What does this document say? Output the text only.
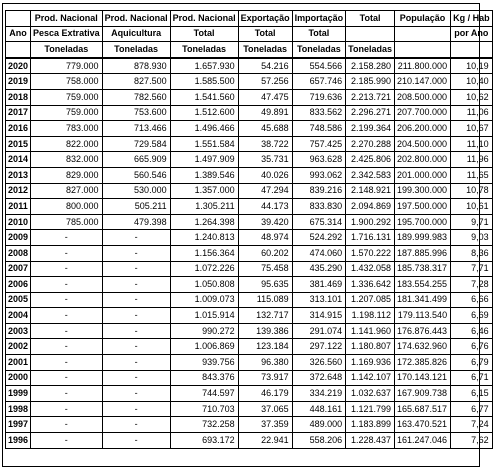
	Prod. Nacional	Prod. Nacional	Prod. Nacional	Exportação	Importação	Total	População	Kg / Hab
Ano	Pesca Extrativa	Aquicultura	Total	Total	Total			por Ano
	Toneladas	Toneladas	Toneladas	Toneladas	Toneladas	Toneladas		
2020	779.000	878.930	1.657.930	54.216	554.566	2.158.280	211.800.000	10,19
2019	758.000	827.500	1.585.500	57.256	657.746	2.185.990	210.147.000	10,40
2018	759.000	782.560	1.541.560	47.475	719.636	2.213.721	208.500.000	10,62
2017	759.000	753.600	1.512.600	49.891	833.562	2.296.271	207.700.000	11,06
2016	783.000	713.466	1.496.466	45.688	748.586	2.199.364	206.200.000	10,67
2015	822.000	729.584	1.551.584	38.722	757.425	2.270.288	204.500.000	11,10
2014	832.000	665.909	1.497.909	35.731	963.628	2.425.806	202.800.000	11,96
2013	829.000	560.546	1.389.546	40.026	993.062	2.342.583	201.000.000	11,65
2012	827.000	530.000	1.357.000	47.294	839.216	2.148.921	199.300.000	10,78
2011	800.000	505.211	1.305.211	44.173	833.830	2.094.869	197.500.000	10,61
2010	785.000	479.398	1.264.398	39.420	675.314	1.900.292	195.700.000	9,71
2009	-	-	1.240.813	48.974	524.292	1.716.131	189.999.983	9,03
2008	-	-	1.156.364	60.202	474.060	1.570.222	187.885.996	8,36
2007	-	-	1.072.226	75.458	435.290	1.432.058	185.738.317	7,71
2006	-	-	1.050.808	95.635	381.469	1.336.642	183.554.255	7,28
2005	-	-	1.009.073	115.089	313.101	1.207.085	181.341.499	6,66
2004	-	-	1.015.914	132.717	314.915	1.198.112	179.113.540	6,69
2003	-	-	990.272	139.386	291.074	1.141.960	176.876.443	6,46
2002	-	-	1.006.869	123.184	297.122	1.180.807	174.632.960	6,76
2001	-	-	939.756	96.380	326.560	1.169.936	172.385.826	6,79
2000	-	-	843.376	73.917	372.648	1.142.107	170.143.121	6,71
1999	-	-	744.597	46.179	334.219	1.032.637	167.909.738	6,15
1998	-	-	710.703	37.065	448.161	1.121.799	165.687.517	6,77
1997	-	-	732.258	37.359	489.000	1.183.899	163.470.521	7,24
1996	-	-	693.172	22.941	558.206	1.228.437	161.247.046	7,62
